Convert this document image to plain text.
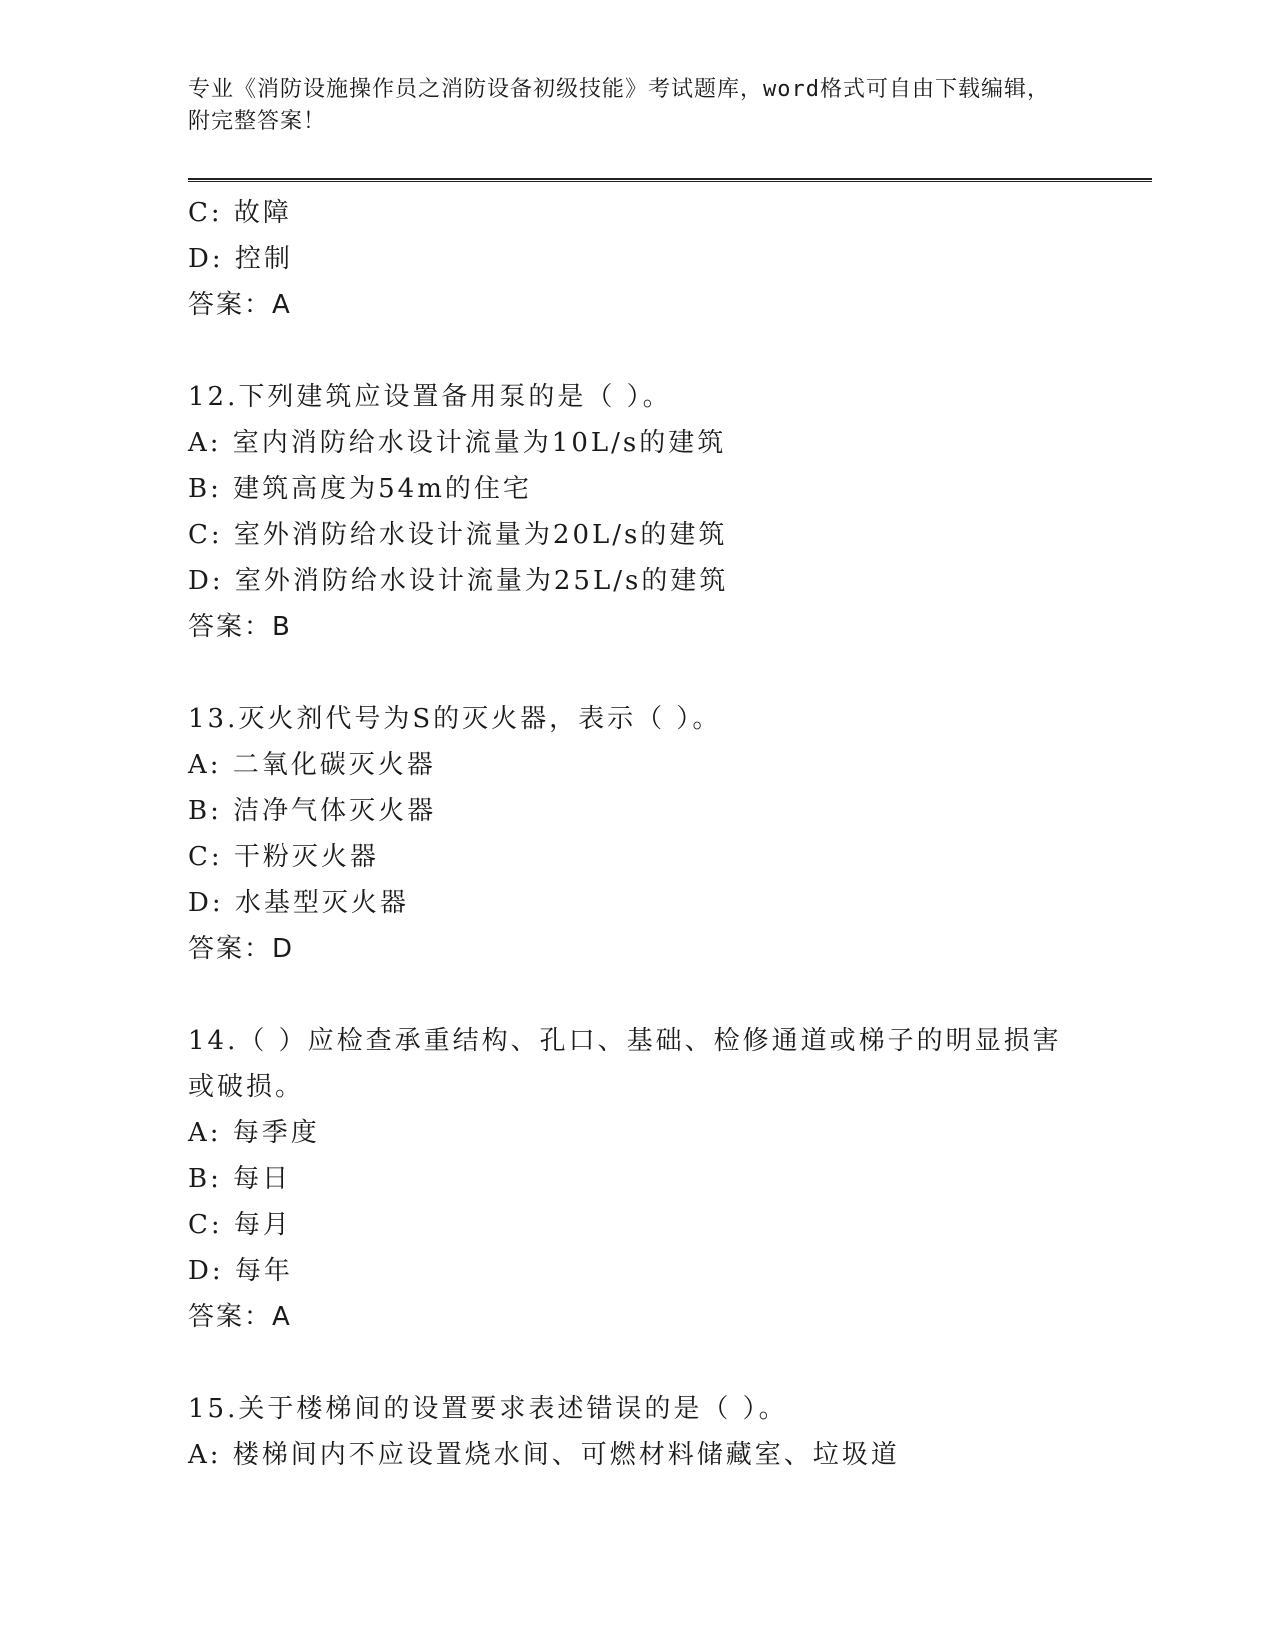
专业《消防设施操作员之消防设备初级技能》考试题库，word格式可自由下载编辑，附完整答案！
C: 故障
D: 控制
答案：A
12.下列建筑应设置备用泵的是（ ）。
A: 室内消防给水设计流量为10L/s的建筑
B: 建筑高度为54m的住宅
C: 室外消防给水设计流量为20L/s的建筑
D: 室外消防给水设计流量为25L/s的建筑
答案：B
13.灭火剂代号为S的灭火器，表示（ ）。
A: 二氧化碳灭火器
B: 洁净气体灭火器
C: 干粉灭火器
D: 水基型灭火器
答案：D
14.（ ）应检查承重结构、孔口、基础、检修通道或梯子的明显损害或破损。
A: 每季度
B: 每日
C: 每月
D: 每年
答案：A
15.关于楼梯间的设置要求表述错误的是（ ）。
A: 楼梯间内不应设置烧水间、可燃材料储藏室、垃圾道
